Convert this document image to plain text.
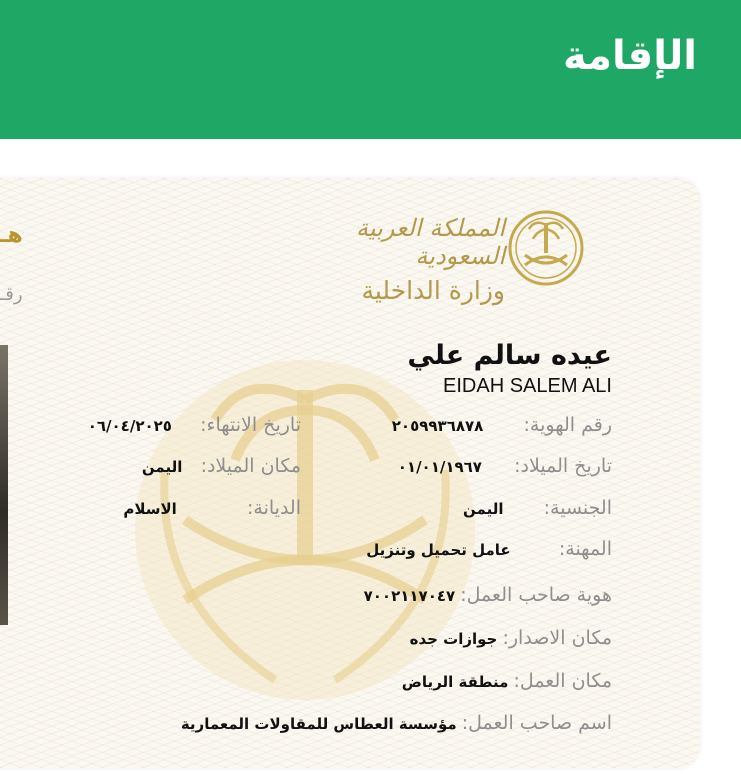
الإقامة
المملكة العربية السعودية
وزارة الداخلية
هـ
رقـ
عيده سالم علي
EIDAH SALEM ALI
رقم الهوية:  ٢٠٥٩٩٣٦٨٧٨
تاريخ الميلاد:  ٠١/٠١/١٩٦٧
الجنسية:  اليمن
المهنة:  عامل تحميل وتنزيل
هوية صاحب العمل: ٧٠٠٢١١٧٠٤٧
مكان الاصدار: جوازات جده
مكان العمل: منطقة الرياض
اسم صاحب العمل: مؤسسة العطاس للمقاولات المعمارية
تاريخ الانتهاء:  ٠٦/٠٤/٢٠٢٥
مكان الميلاد:  اليمن
الديانة:  الاسلام
